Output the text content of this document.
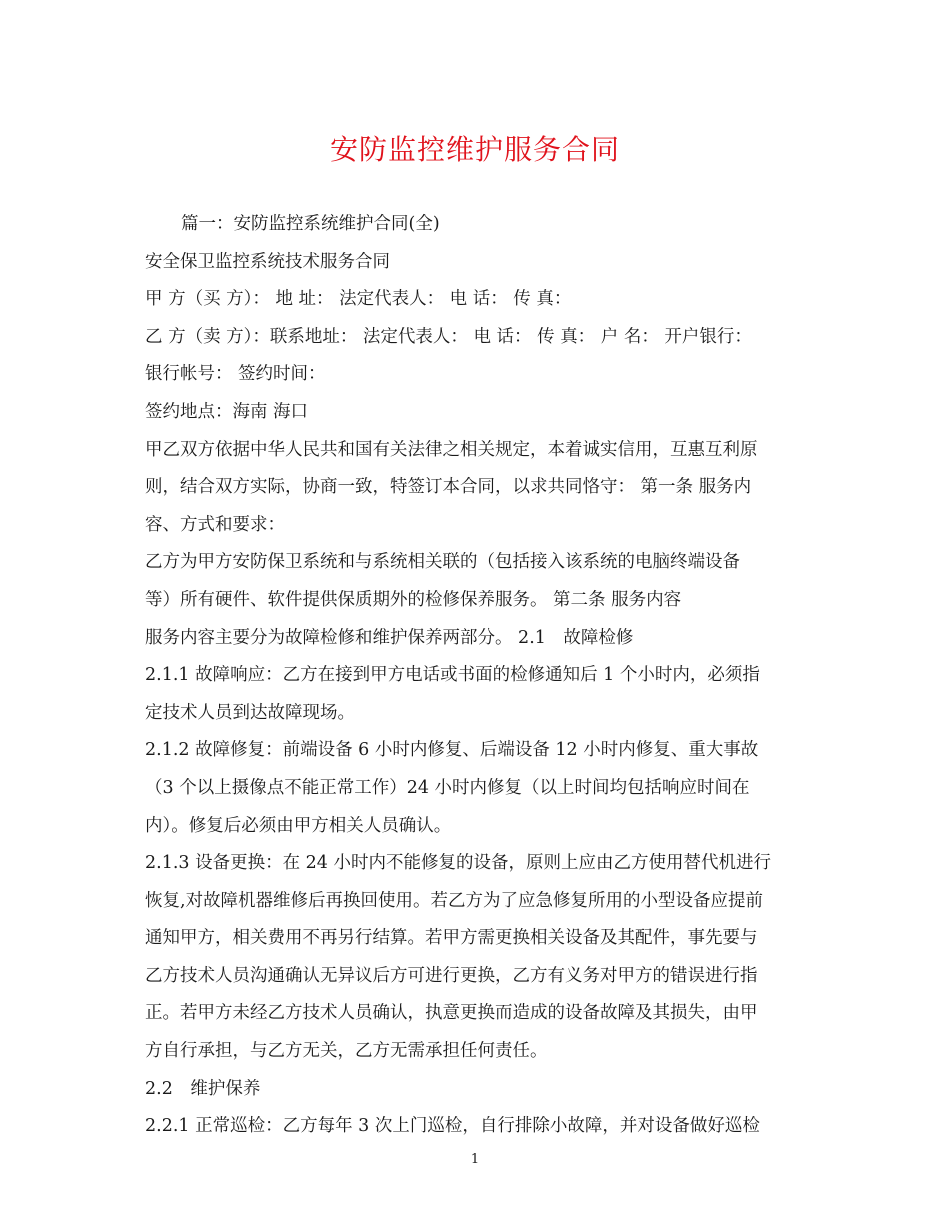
安防监控维护服务合同
篇一：安防监控系统维护合同(全)
安全保卫监控系统技术服务合同
甲 方（买 方）： 地 址： 法定代表人： 电 话： 传 真：
乙 方（卖 方）：联系地址： 法定代表人： 电 话： 传 真： 户 名： 开户银行：
银行帐号： 签约时间：
签约地点：海南 海口
甲乙双方依据中华人民共和国有关法律之相关规定，本着诚实信用，互惠互利原
则，结合双方实际，协商一致，特签订本合同，以求共同恪守： 第一条 服务内
容、方式和要求：
乙方为甲方安防保卫系统和与系统相关联的（包括接入该系统的电脑终端设备
等）所有硬件、软件提供保质期外的检修保养服务。 第二条 服务内容
服务内容主要分为故障检修和维护保养两部分。 2.1　故障检修
2.1.1 故障响应：乙方在接到甲方电话或书面的检修通知后 1 个小时内，必须指
定技术人员到达故障现场。
2.1.2 故障修复：前端设备 6 小时内修复、后端设备 12 小时内修复、重大事故
（3 个以上摄像点不能正常工作）24 小时内修复（以上时间均包括响应时间在
内）。修复后必须由甲方相关人员确认。
2.1.3 设备更换：在 24 小时内不能修复的设备，原则上应由乙方使用替代机进行
恢复,对故障机器维修后再换回使用。若乙方为了应急修复所用的小型设备应提前
通知甲方，相关费用不再另行结算。若甲方需更换相关设备及其配件，事先要与
乙方技术人员沟通确认无异议后方可进行更换，乙方有义务对甲方的错误进行指
正。若甲方未经乙方技术人员确认，执意更换而造成的设备故障及其损失，由甲
方自行承担，与乙方无关，乙方无需承担任何责任。
2.2　维护保养
2.2.1 正常巡检：乙方每年 3 次上门巡检，自行排除小故障，并对设备做好巡检
1
